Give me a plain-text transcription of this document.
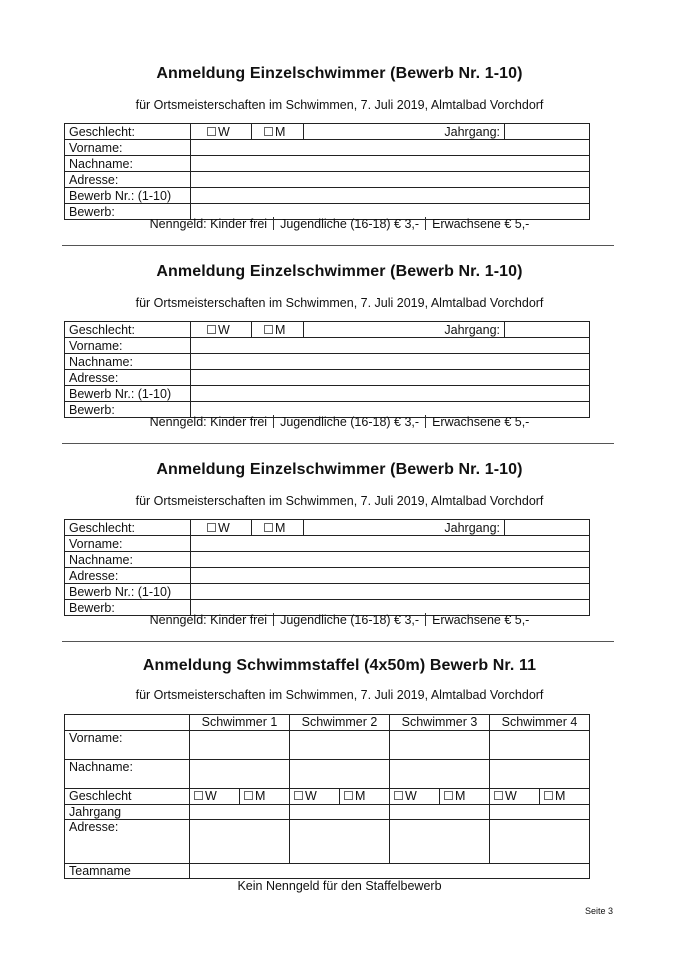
Anmeldung Einzelschwimmer (Bewerb Nr. 1-10)
für Ortsmeisterschaften im Schwimmen, 7. Juli 2019, Almtalbad Vorchdorf
Geschlecht:	W	M	Jahrgang:	
Vorname:				
Nachname:				
Adresse:				
Bewerb Nr.: (1-10)				
Bewerb:				
Nenngeld: Kinder frei Jugendliche (16-18) € 3,- Erwachsene € 5,-
Anmeldung Einzelschwimmer (Bewerb Nr. 1-10)
für Ortsmeisterschaften im Schwimmen, 7. Juli 2019, Almtalbad Vorchdorf
Geschlecht:	W	M	Jahrgang:	
Vorname:				
Nachname:				
Adresse:				
Bewerb Nr.: (1-10)				
Bewerb:				
Nenngeld: Kinder frei Jugendliche (16-18) € 3,- Erwachsene € 5,-
Anmeldung Einzelschwimmer (Bewerb Nr. 1-10)
für Ortsmeisterschaften im Schwimmen, 7. Juli 2019, Almtalbad Vorchdorf
Geschlecht:	W	M	Jahrgang:	
Vorname:				
Nachname:				
Adresse:				
Bewerb Nr.: (1-10)				
Bewerb:				
Nenngeld: Kinder frei Jugendliche (16-18) € 3,- Erwachsene € 5,-
Anmeldung Schwimmstaffel (4x50m) Bewerb Nr. 11
für Ortsmeisterschaften im Schwimmen, 7. Juli 2019, Almtalbad Vorchdorf
	Schwimmer 1		Schwimmer 2		Schwimmer 3		Schwimmer 4	
Vorname:								
Nachname:								
Geschlecht	W	M	W	M	W	M	W	M
Jahrgang								
Adresse:								
Teamname								
Kein Nenngeld für den Staffelbewerb
Seite 3
